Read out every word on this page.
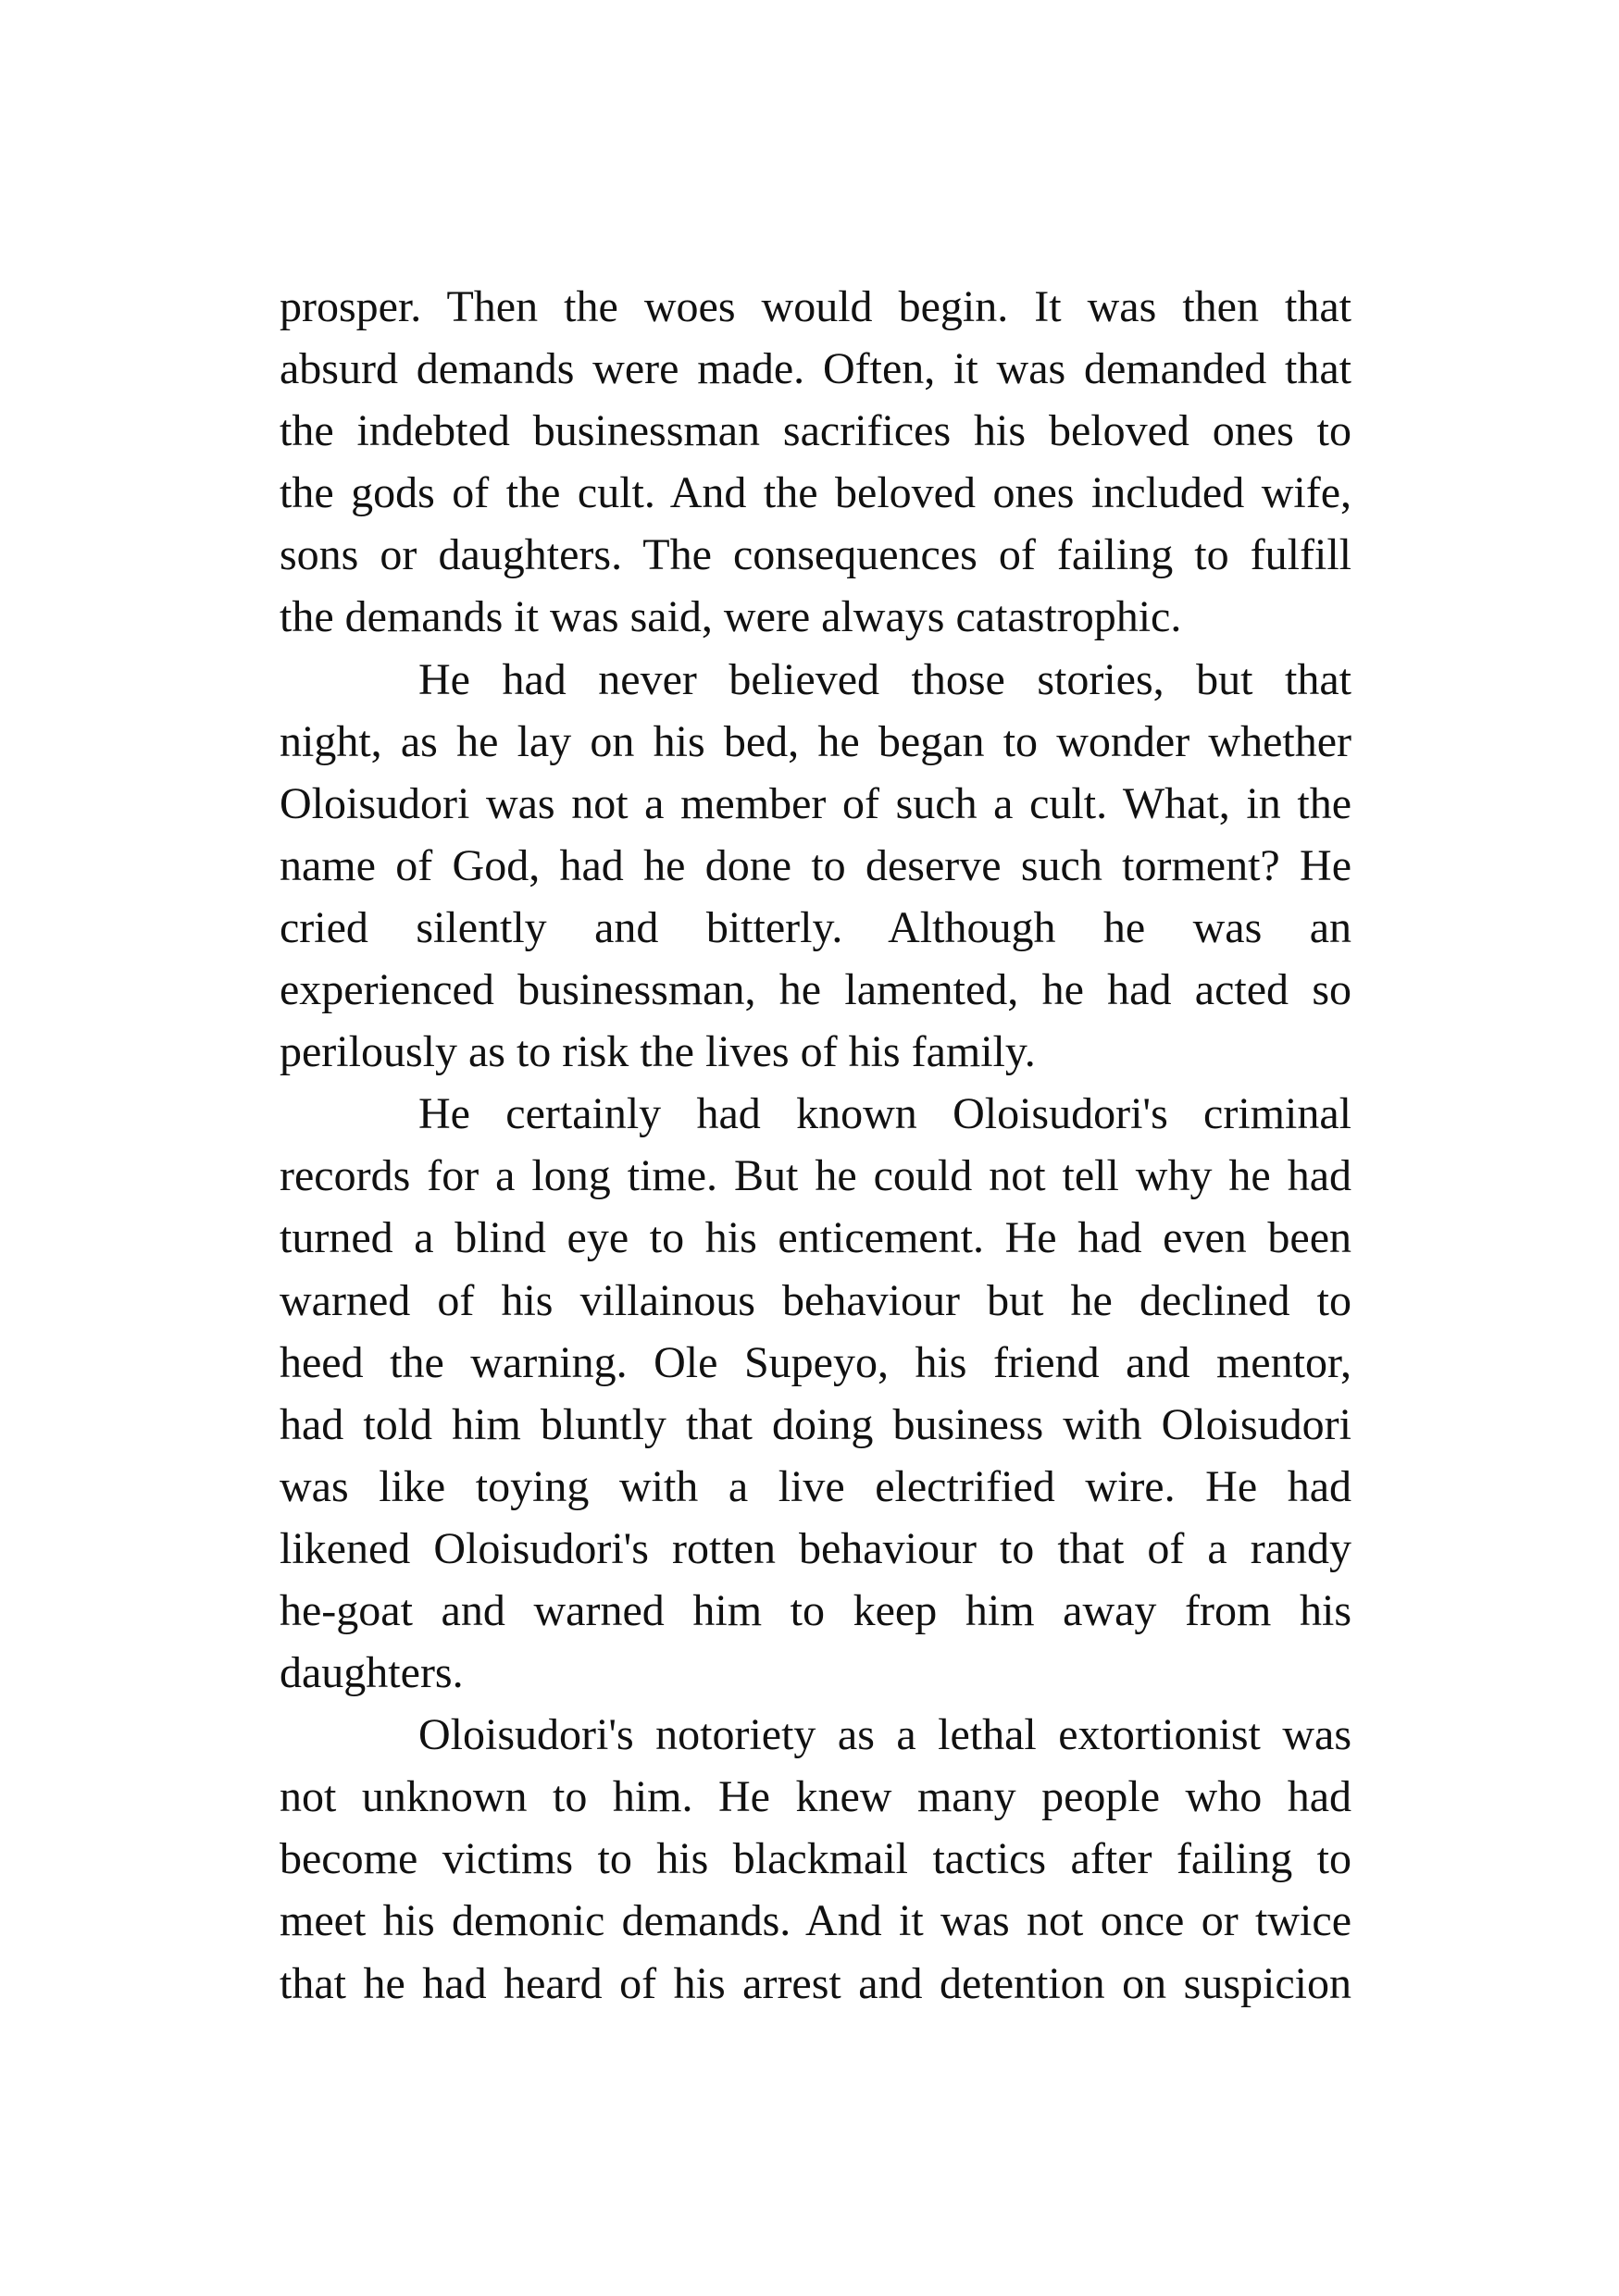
prosper. Then the woes would begin. It was then that
absurd demands were made. Often, it was demanded that
the indebted businessman sacrifices his beloved ones to
the gods of the cult. And the beloved ones included wife,
sons or daughters. The consequences of failing to fulfill
the demands it was said, were always catastrophic.
He had never believed those stories, but that
night, as he lay on his bed, he began to wonder whether
Oloisudori was not a member of such a cult. What, in the
name of God, had he done to deserve such torment? He
cried silently and bitterly. Although he was an
experienced businessman, he lamented, he had acted so
perilously as to risk the lives of his family.
He certainly had known Oloisudori's criminal
records for a long time. But he could not tell why he had
turned a blind eye to his enticement. He had even been
warned of his villainous behaviour but he declined to
heed the warning. Ole Supeyo, his friend and mentor,
had told him bluntly that doing business with Oloisudori
was like toying with a live electrified wire. He had
likened Oloisudori's rotten behaviour to that of a randy
he-goat and warned him to keep him away from his
daughters.
Oloisudori's notoriety as a lethal extortionist was
not unknown to him. He knew many people who had
become victims to his blackmail tactics after failing to
meet his demonic demands. And it was not once or twice
that he had heard of his arrest and detention on suspicion
